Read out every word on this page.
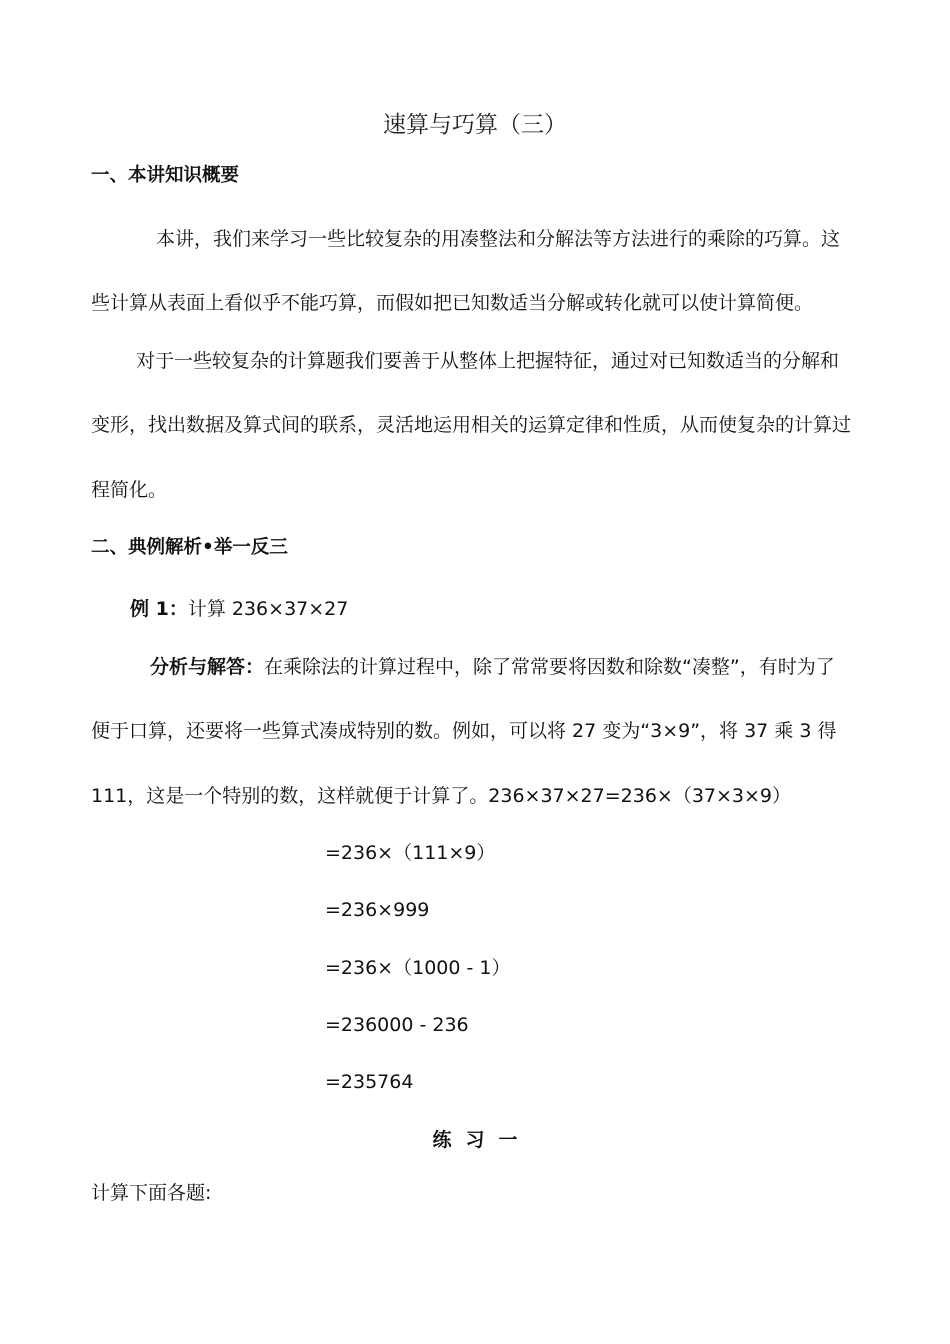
速算与巧算（三）
一、本讲知识概要
本讲，我们来学习一些比较复杂的用凑整法和分解法等方法进行的乘除的巧算。这
些计算从表面上看似乎不能巧算，而假如把已知数适当分解或转化就可以使计算简便。
对于一些较复杂的计算题我们要善于从整体上把握特征，通过对已知数适当的分解和
变形，找出数据及算式间的联系，灵活地运用相关的运算定律和性质，从而使复杂的计算过
程简化。
二、典例解析•举一反三
例 1：计算 236×37×27
分析与解答：在乘除法的计算过程中，除了常常要将因数和除数“凑整”，有时为了
便于口算，还要将一些算式凑成特别的数。例如，可以将 27 变为“3×9”，将 37 乘 3 得
111，这是一个特别的数，这样就便于计算了。236×37×27=236×（37×3×9）
=236×（111×9）
=236×999
=236×（1000 - 1）
=236000 - 236
=235764
练习一
计算下面各题:
